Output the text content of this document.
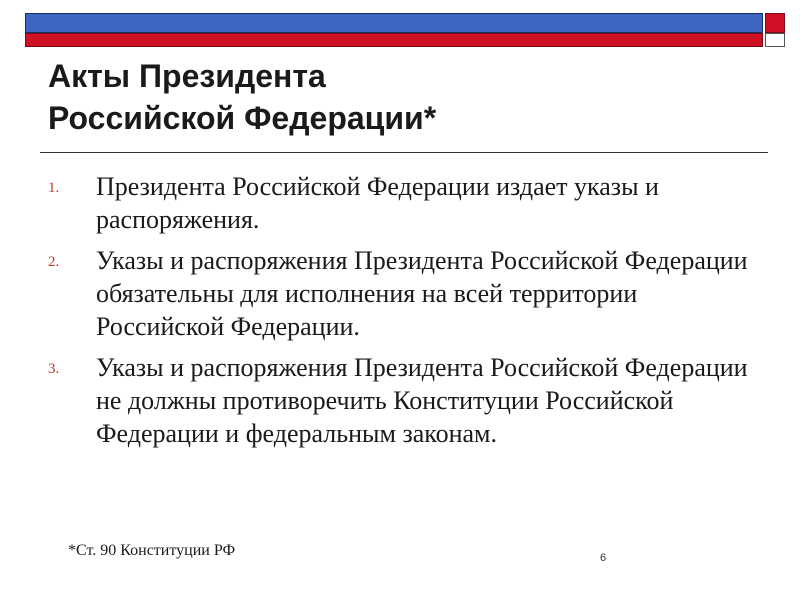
Акты Президента
Российской Федерации*
1. Президента Российской Федерации издает указы и распоряжения.
2. Указы и распоряжения Президента Российской Федерации обязательны для исполнения на всей территории Российской Федерации.
3. Указы и распоряжения Президента Российской Федерации не должны противоречить Конституции Российской Федерации и федеральным законам.
*Ст. 90 Конституции РФ	6
